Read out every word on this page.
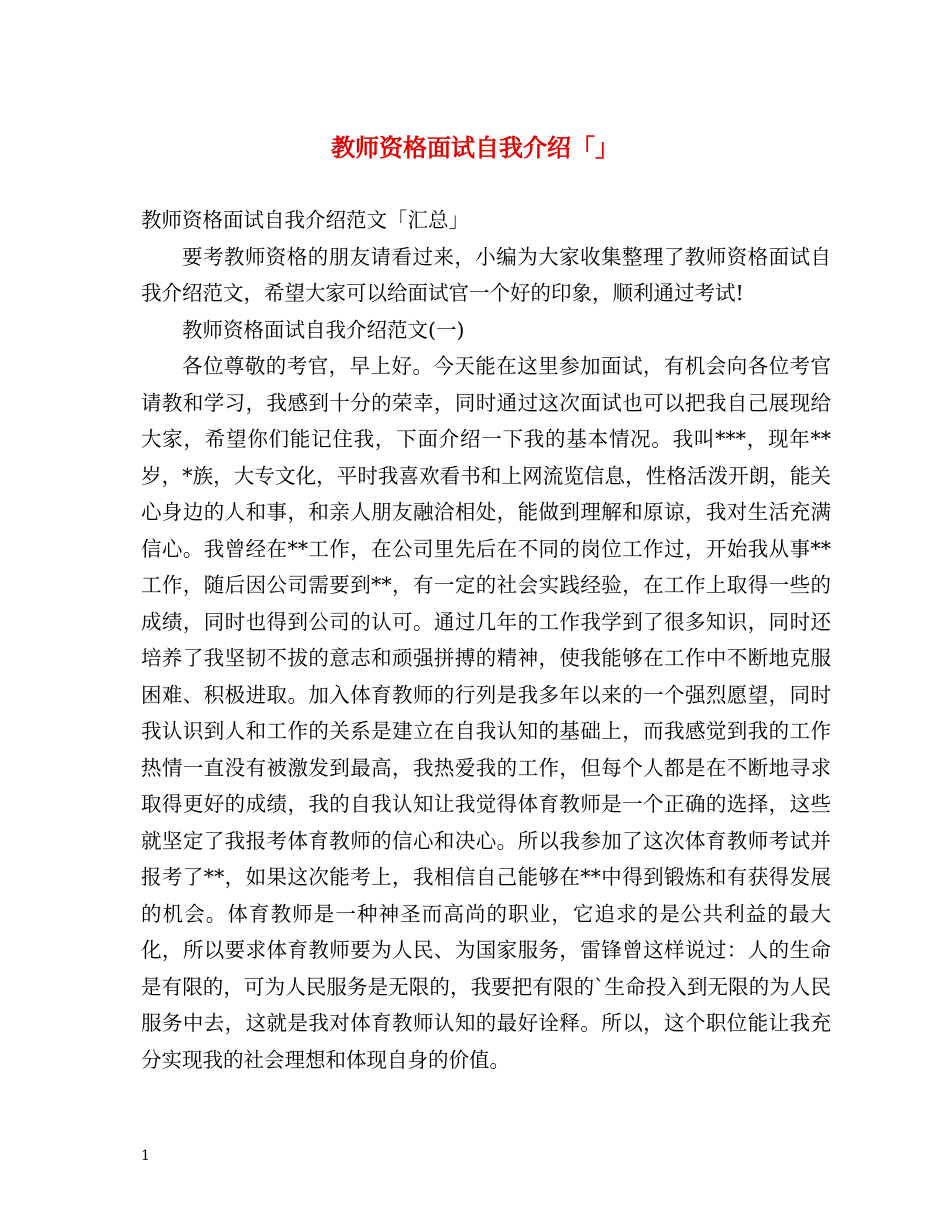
教师资格面试自我介绍「」

教师资格面试自我介绍范文「汇总」

要考教师资格的朋友请看过来，小编为大家收集整理了教师资格面试自我介绍范文，希望大家可以给面试官一个好的印象，顺利通过考试!

教师资格面试自我介绍范文(一)

各位尊敬的考官，早上好。今天能在这里参加面试，有机会向各位考官请教和学习，我感到十分的荣幸，同时通过这次面试也可以把我自己展现给大家，希望你们能记住我，下面介绍一下我的基本情况。我叫***，现年**岁，*族，大专文化，平时我喜欢看书和上网流览信息，性格活泼开朗，能关心身边的人和事，和亲人朋友融洽相处，能做到理解和原谅，我对生活充满信心。我曾经在**工作，在公司里先后在不同的岗位工作过，开始我从事**工作，随后因公司需要到**，有一定的社会实践经验，在工作上取得一些的成绩，同时也得到公司的认可。通过几年的工作我学到了很多知识，同时还培养了我坚韧不拔的意志和顽强拼搏的精神，使我能够在工作中不断地克服困难、积极进取。加入体育教师的行列是我多年以来的一个强烈愿望，同时我认识到人和工作的关系是建立在自我认知的基础上，而我感觉到我的工作热情一直没有被激发到最高，我热爱我的工作，但每个人都是在不断地寻求取得更好的成绩，我的自我认知让我觉得体育教师是一个正确的选择，这些就坚定了我报考体育教师的信心和决心。所以我参加了这次体育教师考试并报考了**，如果这次能考上，我相信自己能够在**中得到锻炼和有获得发展的机会。体育教师是一种神圣而高尚的职业，它追求的是公共利益的最大化，所以要求体育教师要为人民、为国家服务，雷锋曾这样说过：人的生命是有限的，可为人民服务是无限的，我要把有限的`生命投入到无限的为人民服务中去，这就是我对体育教师认知的最好诠释。所以，这个职位能让我充分实现我的社会理想和体现自身的价值。

1
